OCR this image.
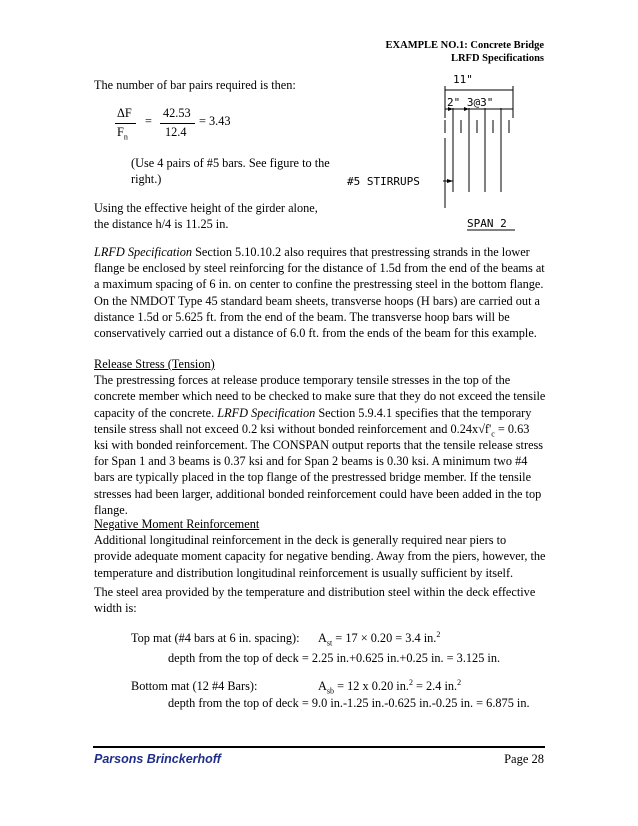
EXAMPLE NO.1: Concrete Bridge
LRFD Specifications
The number of bar pairs required is then:
ΔF
$F_n$
=
42.53
12.4
= 3.43
(Use 4 pairs of #5 bars. See figure to the right.)
Using the effective height of the girder alone, the distance h/4 is 11.25 in.
11"
2" 3@3"
#5 STIRRUPS
SPAN 2
LRFD Specification Section 5.10.10.2 also requires that prestressing strands in the lower flange be enclosed by steel reinforcing for the distance of 1.5d from the end of the beams at a maximum spacing of 6 in. on center to confine the prestressing steel in the bottom flange. On the NMDOT Type 45 standard beam sheets, transverse hoops (H bars) are carried out a distance 1.5d or 5.625 ft. from the end of the beam. The transverse hoop bars will be conservatively carried out a distance of 6.0 ft. from the ends of the beam for this example.
Release Stress (Tension)
The prestressing forces at release produce temporary tensile stresses in the top of the concrete member which need to be checked to make sure that they do not exceed the tensile capacity of the concrete. LRFD Specification Section 5.9.4.1 specifies that the temporary tensile stress shall not exceed 0.2 ksi without bonded reinforcement and $0.24x√f'_c = 0.63$ ksi with bonded reinforcement. The CONSPAN output reports that the tensile release stress for Span 1 and 3 beams is 0.37 ksi and for Span 2 beams is 0.30 ksi. A minimum two #4 bars are typically placed in the top flange of the prestressed bridge member. If the tensile stresses had been larger, additional bonded reinforcement could have been added in the top flange.
Negative Moment Reinforcement
Additional longitudinal reinforcement in the deck is generally required near piers to provide adequate moment capacity for negative bending. Away from the piers, however, the temperature and distribution longitudinal reinforcement is usually sufficient by itself.
The steel area provided by the temperature and distribution steel within the deck effective width is:
Top mat (#4 bars at 6 in. spacing): $A_{st} = 17 \times 0.20 = 3.4$ in.$^2$
depth from the top of deck = 2.25 in.+0.625 in.+0.25 in. = 3.125 in.
Bottom mat (12 #4 Bars):	$A_{sb} = 12$ x 0.20 in.$^2$ = 2.4 in.$^2$
depth from the top of deck = 9.0 in.-1.25 in.-0.625 in.-0.25 in. = 6.875 in.
Parsons Brinckerhoff	Page 28
